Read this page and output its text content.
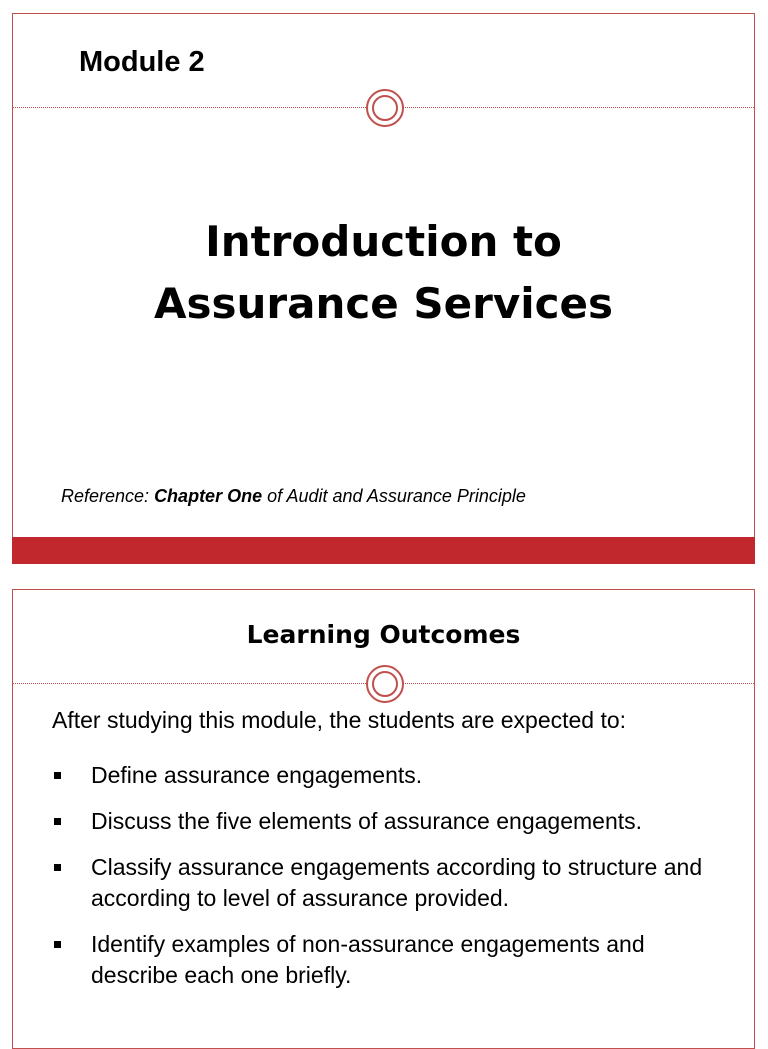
Module 2
Introduction to
Assurance Services

Reference: Chapter One of Audit and Assurance Principle

Learning Outcomes

After studying this module, the students are expected to:

Define assurance engagements.
Discuss the five elements of assurance engagements.
Classify assurance engagements according to structure and according to level of assurance provided.
Identify examples of non-assurance engagements and describe each one briefly.
